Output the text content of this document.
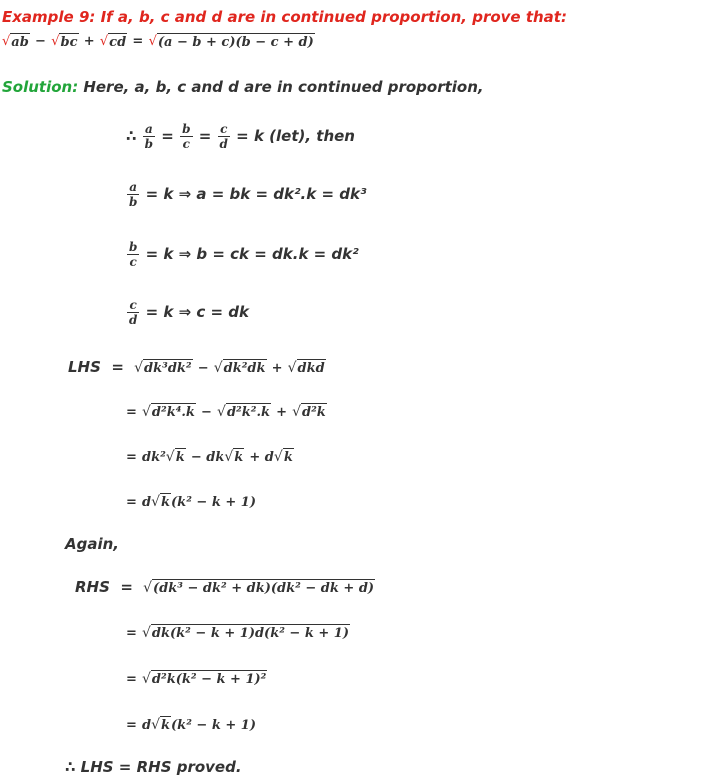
Example 9: If a, b, c and d are in continued proportion, prove that:
√ ab − √ bc + √ cd = √ (a − b + c)(b − c + d)
Solution: Here, a, b, c and d are in continued proportion,
∴ $\frac{a}{b} = \frac{b}{c} = \frac{c}{d} = k$ (let), then
$\frac{a}{b} = k$ ⇒ a = bk = dk².k = dk³
$\frac{b}{c} = k$ ⇒ b = ck = dk.k = dk²
$\frac{c}{d} = k$ ⇒ c = dk
LHS  = √ dk³dk² − √ dk²dk + √ dkd
= √ d²k⁴.k − √ d²k².k + √ d²k
= dk² √ k − dk √ k + d √ k
= d √ k (k² − k + 1)
Again,
RHS  = √ (dk³ − dk² + dk)(dk² − dk + d)
= √ dk(k² − k + 1)d(k² − k + 1)
= √ d²k(k² − k + 1)²
= d √ k (k² − k + 1)
∴ LHS = RHS proved.
